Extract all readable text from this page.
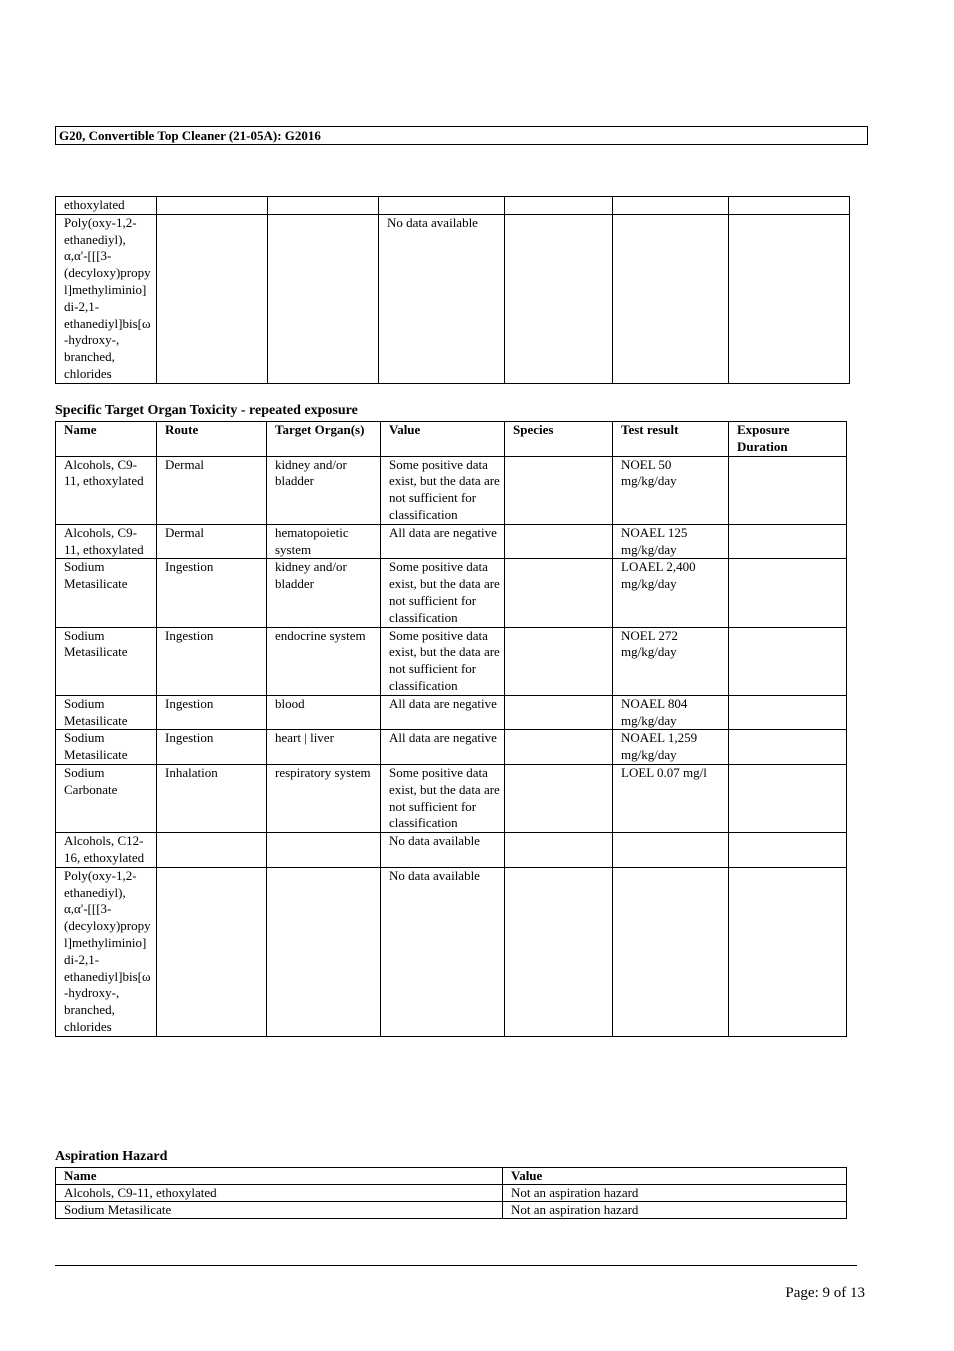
G20, Convertible Top Cleaner (21-05A): G2016
ethoxylated						
Poly(oxy-1,2-ethanediyl), α,α'-[[[3-(decyloxy)propyl]methyliminio]di-2,1-ethanediyl]bis[ω-hydroxy-, branched, chlorides			No data available			
Specific Target Organ Toxicity - repeated exposure
Name	Route	Target Organ(s)	Value	Species	Test result	Exposure Duration
Alcohols, C9-11, ethoxylated	Dermal	kidney and/or bladder	Some positive data exist, but the data are not sufficient for classification		NOEL 50 mg/kg/day	
Alcohols, C9-11, ethoxylated	Dermal	hematopoietic system	All data are negative		NOAEL 125 mg/kg/day	
Sodium Metasilicate	Ingestion	kidney and/or bladder	Some positive data exist, but the data are not sufficient for classification		LOAEL 2,400 mg/kg/day	
Sodium Metasilicate	Ingestion	endocrine system	Some positive data exist, but the data are not sufficient for classification		NOEL 272 mg/kg/day	
Sodium Metasilicate	Ingestion	blood	All data are negative		NOAEL 804 mg/kg/day	
Sodium Metasilicate	Ingestion	heart | liver	All data are negative		NOAEL 1,259 mg/kg/day	
Sodium Carbonate	Inhalation	respiratory system	Some positive data exist, but the data are not sufficient for classification		LOEL 0.07 mg/l	
Alcohols, C12-16, ethoxylated			No data available			
Poly(oxy-1,2-ethanediyl), α,α'-[[[3-(decyloxy)propyl]methyliminio]di-2,1-ethanediyl]bis[ω-hydroxy-, branched, chlorides			No data available			
Aspiration Hazard
Name	Value
Alcohols, C9-11, ethoxylated	Not an aspiration hazard
Sodium Metasilicate	Not an aspiration hazard
Page: 9 of 13
